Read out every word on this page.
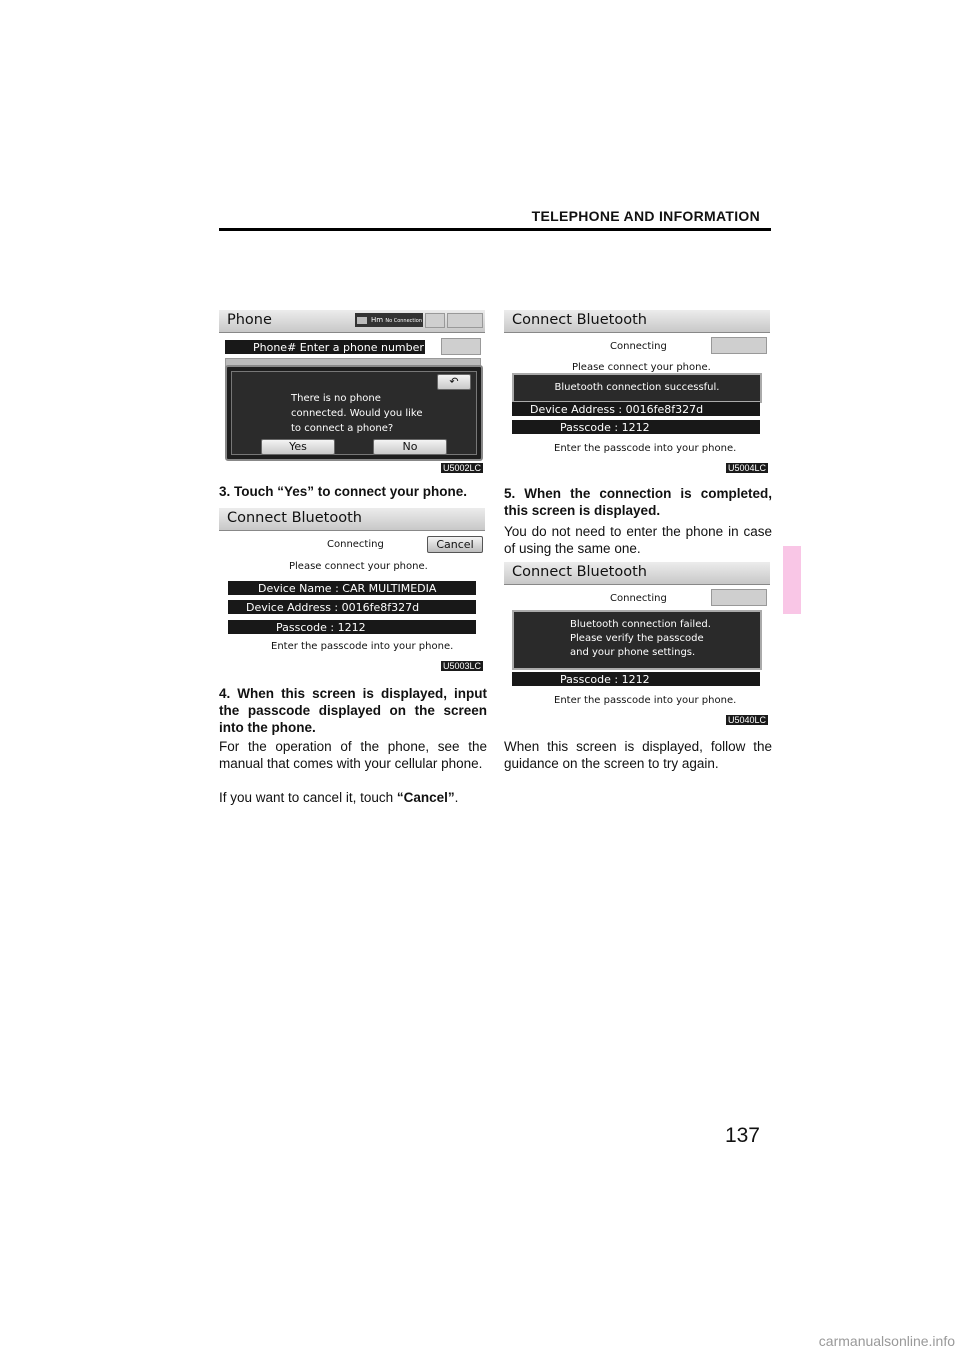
TELEPHONE AND INFORMATION
Phone	Hm No Connection
Phone# Enter a phone number
↶
There is no phone
connected. Would you like
to connect a phone?
Yes	No
U5002LC
3. Touch “Yes” to connect your phone.
Connect Bluetooth
Connecting	Cancel
Please connect your phone.
Device Name : CAR MULTIMEDIA
Device Address : 0016fe8f327d
Passcode : 1212
Enter the passcode into your phone.
U5003LC
4. When this screen is displayed, input the passcode displayed on the screen into the phone.
For the operation of the phone, see the manual that comes with your cellular phone.
If you want to cancel it, touch “Cancel”.
Connect Bluetooth
Connecting
Please connect your phone.
Bluetooth connection successful.
Device Address : 0016fe8f327d
Passcode : 1212
Enter the passcode into your phone.
U5004LC
5. When the connection is completed, this screen is displayed.
You do not need to enter the phone in case of using the same one.
Connect Bluetooth
Connecting
Bluetooth connection failed.
Please verify the passcode
and your phone settings.
Passcode : 1212
Enter the passcode into your phone.
U5040LC
When this screen is displayed, follow the guidance on the screen to try again.
137
carmanualsonline.info
